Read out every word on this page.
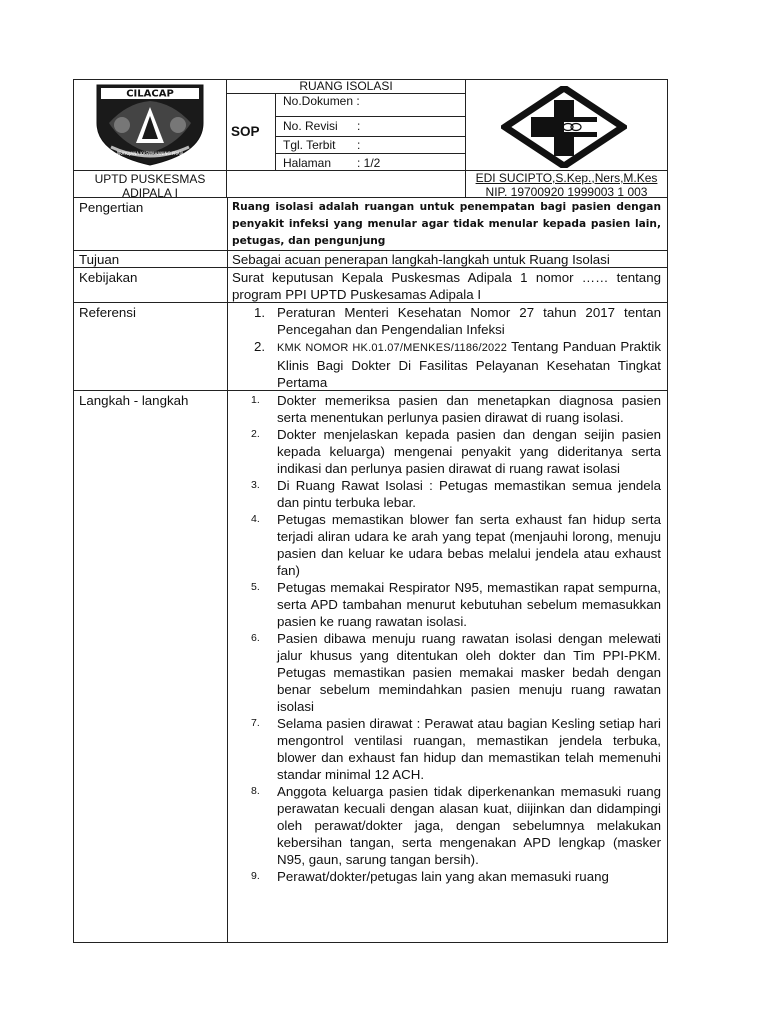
CILACAP
PRAYOJANA KASWAHANING PRAJA
UPTD PUSKESMAS
ADIPALA I
RUANG ISOLASI
SOP
No.Dokumen :
No. Revisi :
Tgl. Terbit :
Halaman : 1/2
EDI SUCIPTO,S.Kep.,Ners,M.Kes
NIP. 19700920 1999003 1 003
Pengertian	Ruang isolasi adalah ruangan untuk penempatan bagi pasien dengan penyakit infeksi yang menular agar tidak menular kepada pasien lain, petugas, dan pengunjung
Tujuan	Sebagai acuan penerapan langkah-langkah untuk Ruang Isolasi
Kebijakan	Surat keputusan Kepala Puskesmas Adipala 1 nomor …… tentang program PPI UPTD Puskesamas Adipala I
Referensi	1. Peraturan Menteri Kesehatan Nomor 27 tahun 2017 tentan Pencegahan dan Pengendalian Infeksi
2. KMK NOMOR HK.01.07/MENKES/1186/2022 Tentang Panduan Praktik Klinis Bagi Dokter Di Fasilitas Pelayanan Kesehatan Tingkat Pertama
Langkah - langkah	1. Dokter memeriksa pasien dan menetapkan diagnosa pasien serta menentukan perlunya pasien dirawat di ruang isolasi.
2. Dokter menjelaskan kepada pasien dan dengan seijin pasien kepada keluarga) mengenai penyakit yang dideritanya serta indikasi dan perlunya pasien dirawat di ruang rawat isolasi
3. Di Ruang Rawat Isolasi : Petugas memastikan semua jendela dan pintu terbuka lebar.
4. Petugas memastikan blower fan serta exhaust fan hidup serta terjadi aliran udara ke arah yang tepat (menjauhi lorong, menuju pasien dan keluar ke udara bebas melalui jendela atau exhaust fan)
5. Petugas memakai Respirator N95, memastikan rapat sempurna, serta APD tambahan menurut kebutuhan sebelum memasukkan pasien ke ruang rawatan isolasi.
6. Pasien dibawa menuju ruang rawatan isolasi dengan melewati jalur khusus yang ditentukan oleh dokter dan Tim PPI-PKM. Petugas memastikan pasien memakai masker bedah dengan benar sebelum memindahkan pasien menuju ruang rawatan isolasi
7. Selama pasien dirawat : Perawat atau bagian Kesling setiap hari mengontrol ventilasi ruangan, memastikan jendela terbuka, blower dan exhaust fan hidup dan memastikan telah memenuhi standar minimal 12 ACH.
8. Anggota keluarga pasien tidak diperkenankan memasuki ruang perawatan kecuali dengan alasan kuat, diijinkan dan didampingi oleh perawat/dokter jaga, dengan sebelumnya melakukan kebersihan tangan, serta mengenakan APD lengkap (masker N95, gaun, sarung tangan bersih).
9. Perawat/dokter/petugas lain yang akan memasuki ruang
